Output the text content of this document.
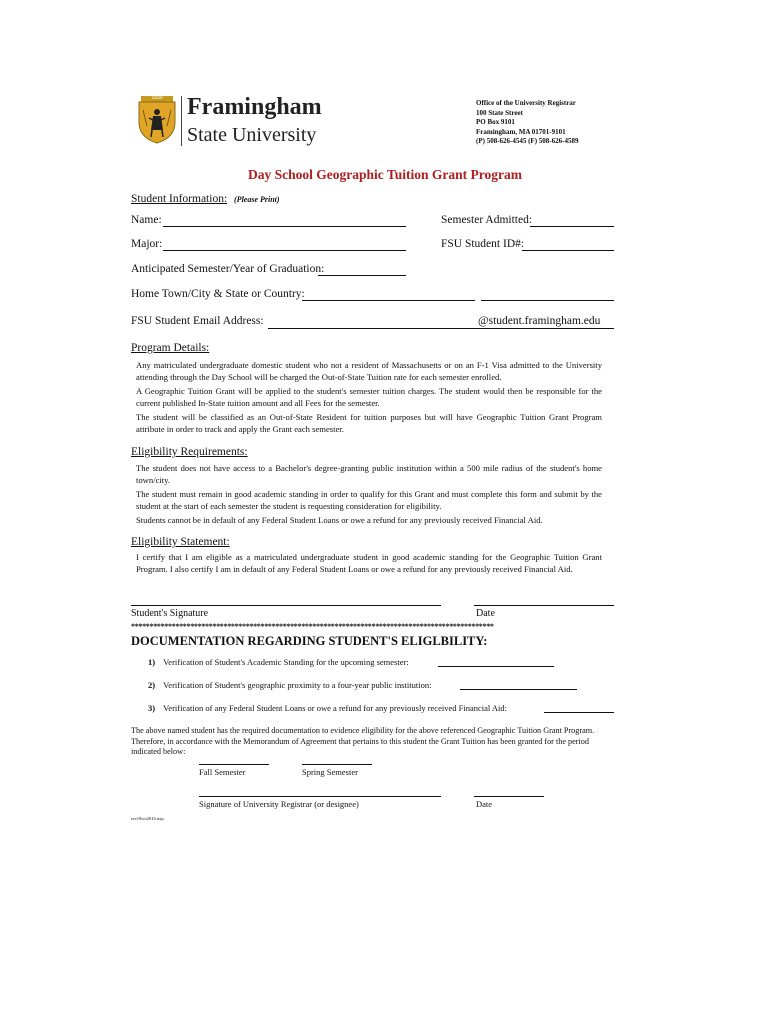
1839	Framingham
State University
Office of the University Registrar
100 State Street
PO Box 9101
Framingham, MA 01701-9101
(P) 508-626-4545 (F) 508-626-4589
Day School Geographic Tuition Grant Program
Student Information: (Please Print)
Name:	Semester Admitted:
Major:	FSU Student ID#:
Anticipated Semester/Year of Graduation:
Home Town/City & State or Country:
FSU Student Email Address:	@student.framingham.edu
Program Details:
Any matriculated undergraduate domestic student who not a resident of Massachusetts or on an F-1 Visa admitted to the University attending through the Day School will be charged the Out-of-State Tuition rate for each semester enrolled.
A Geographic Tuition Grant will be applied to the student's semester tuition charges. The student would then be responsible for the current published In-State tuition amount and all Fees for the semester.
The student will be classified as an Out-of-State Resident for tuition purposes but will have Geographic Tuition Grant Program attribute in order to track and apply the Grant each semester.
Eligibility Requirements:
The student does not have access to a Bachelor's degree-granting public institution within a 500 mile radius of the student's home town/city.
The student must remain in good academic standing in order to qualify for this Grant and must complete this form and submit by the student at the start of each semester the student is requesting consideration for eligibility.
Students cannot be in default of any Federal Student Loans or owe a refund for any previously received Financial Aid.
Eligibility Statement:
I certify that I am eligible as a matriculated undergraduate student in good academic standing for the Geographic Tuition Grant Program. I also certify I am in default of any Federal Student Loans or owe a refund for any previously received Financial Aid.
Student's Signature	Date
**************************************************************************************************
DOCUMENTATION REGARDING STUDENT'S ELIGLBILITY:
1) Verification of Student's Academic Standing for the upcoming semester:
2) Verification of Student's geographic proximity to a four-year public institution:
3) Verification of any Federal Student Loans or owe a refund for any previously received Financial Aid:
The above named student has the required documentation to evidence eligibility for the above referenced Geographic Tuition Grant Program. Therefore, in accordance with the Memorandum of Agreement that pertains to this student the Grant Tuition has been granted for the period indicated below:
Fall Semester	Spring Semester
Signature of University Registrar (or designee)	Date
rev19oct2016.nxp
